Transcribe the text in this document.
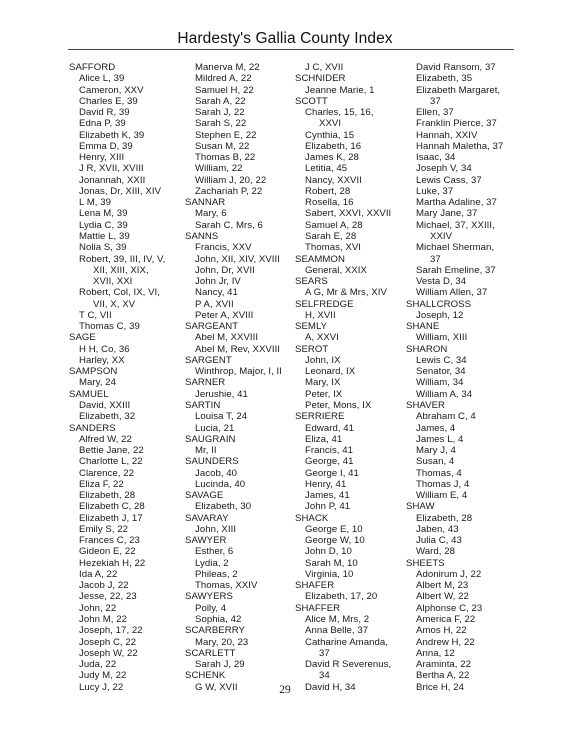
Hardesty's Gallia County Index
SAFFORD
Alice L, 39
Cameron, XXV
Charles E, 39
David R, 39
Edna P, 39
Elizabeth K, 39
Emma D, 39
Henry, XIII
J R, XVII, XVIII
Jonannah, XXII
Jonas, Dr, XIII, XIV
L M, 39
Lena M, 39
Lydia C, 39
Mattie L, 39
Nolia S, 39
Robert, 39, III, IV, V,
XII, XIII, XIX,
XVII, XXI
Robert, Col, IX, VI,
VII, X, XV
T C, VII
Thomas C, 39
SAGE
H H, Co, 36
Harley, XX
SAMPSON
Mary, 24
SAMUEL
David, XXIII
Elizabeth, 32
SANDERS
Alfred W, 22
Bettie Jane, 22
Charlotte L, 22
Clarence, 22
Eliza F, 22
Elizabeth, 28
Elizabeth C, 28
Elizabeth J, 17
Emily S, 22
Frances C, 23
Gideon E, 22
Hezekiah H, 22
Ida A, 22
Jacob J, 22
Jesse, 22, 23
John, 22
John M, 22
Joseph, 17, 22
Joseph C, 22
Joseph W, 22
Juda, 22
Judy M, 22
Lucy J, 22
Manerva M, 22
Mildred A, 22
Samuel H, 22
Sarah A, 22
Sarah J, 22
Sarah S, 22
Stephen E, 22
Susan M, 22
Thomas B, 22
William, 22
William J, 20, 22
Zachariah P, 22
SANNAR
Mary, 6
Sarah C, Mrs, 6
SANNS
Francis, XXV
John, XII, XIV, XVIII
John, Dr, XVII
John Jr, IV
Nancy, 41
P A, XVII
Peter A, XVIII
SARGEANT
Abel M, XXVIII
Abel M, Rev, XXVIII
SARGENT
Winthrop, Major, I, II
SARNER
Jerushie, 41
SARTIN
Louisa T, 24
Lucia, 21
SAUGRAIN
Mr, II
SAUNDERS
Jacob, 40
Lucinda, 40
SAVAGE
Elizabeth, 30
SAVARAY
John, XIII
SAWYER
Esther, 6
Lydia, 2
Phileas, 2
Thomas, XXIV
SAWYERS
Polly, 4
Sophia, 42
SCARBERRY
Mary, 20, 23
SCARLETT
Sarah J, 29
SCHENK
G W, XVII
J C, XVII
SCHNIDER
Jeanne Marie, 1
SCOTT
Charles, 15, 16,
XXVI
Cynthia, 15
Elizabeth, 16
James K, 28
Letitia, 45
Nancy, XXVII
Robert, 28
Rosella, 16
Sabert, XXVI, XXVII
Samuel A, 28
Sarah E, 28
Thomas, XVI
SEAMMON
General, XXIX
SEARS
A G, Mr & Mrs, XIV
SELFREDGE
H, XVII
SEMLY
A, XXVI
SEROT
John, IX
Leonard, IX
Mary, IX
Peter, IX
Peter, Mons, IX
SERRIERE
Edward, 41
Eliza, 41
Francis, 41
George, 41
George I, 41
Henry, 41
James, 41
John P, 41
SHACK
George E, 10
George W, 10
John D, 10
Sarah M, 10
Virginia, 10
SHAFER
Elizabeth, 17, 20
SHAFFER
Alice M, Mrs, 2
Anna Belle, 37
Catharine Amanda,
37
David R Severenus,
34
David H, 34
David Ransom, 37
Elizabeth, 35
Elizabeth Margaret,
37
Ellen, 37
Franklin Pierce, 37
Hannah, XXIV
Hannah Maletha, 37
Isaac, 34
Joseph V, 34
Lewis Cass, 37
Luke, 37
Martha Adaline, 37
Mary Jane, 37
Michael, 37, XXIII,
XXIV
Michael Sherman,
37
Sarah Emeline, 37
Vesta D, 34
William Allen, 37
SHALLCROSS
Joseph, 12
SHANE
William, XIII
SHARON
Lewis C, 34
Senator, 34
William, 34
William A, 34
SHAVER
Abraham C, 4
James, 4
James L, 4
Mary J, 4
Susan, 4
Thomas, 4
Thomas J, 4
William E, 4
SHAW
Elizabeth, 28
Jaben, 43
Julia C, 43
Ward, 28
SHEETS
Adonirum J, 22
Albert M, 23
Albert W, 22
Alphonse C, 23
America F, 22
Amos H, 22
Andrew H, 22
Anna, 12
Araminta, 22
Bertha A, 22
Brice H, 24
29
